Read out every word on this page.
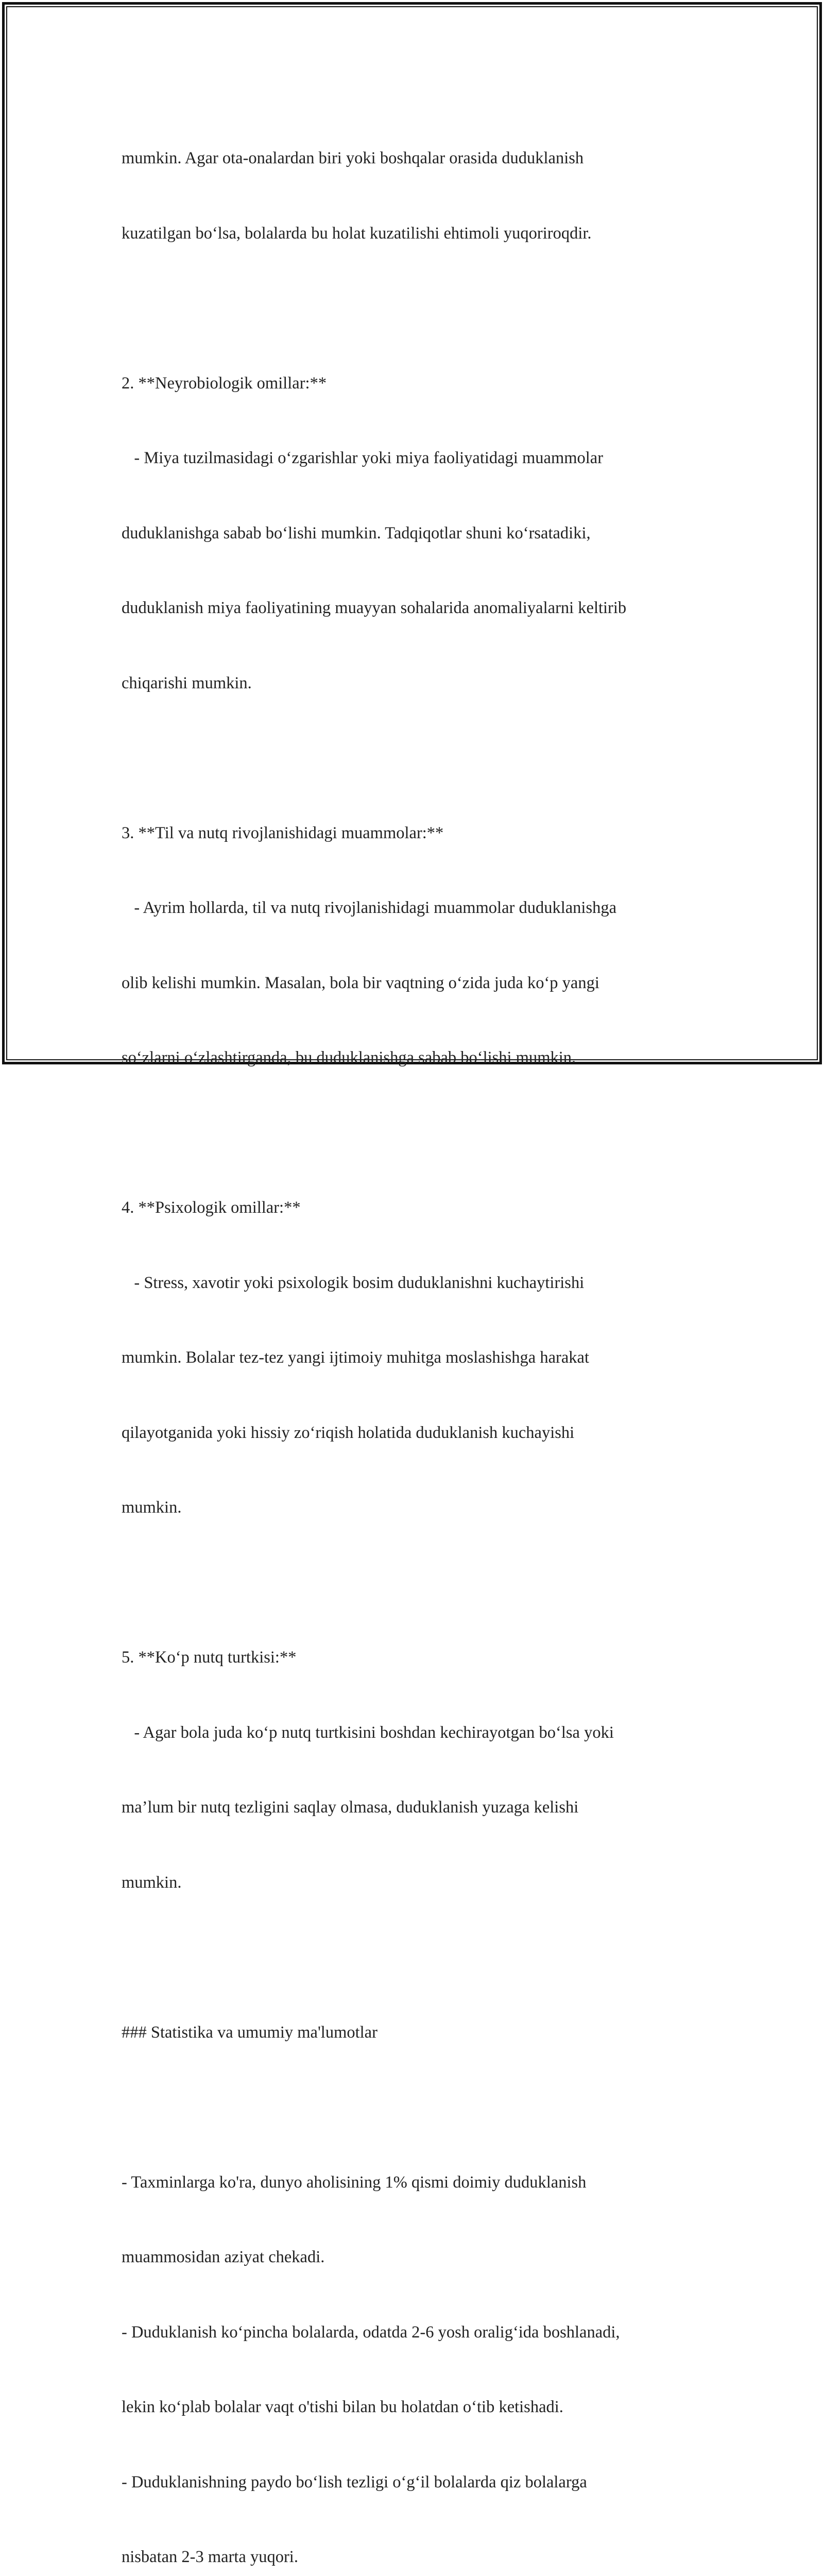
mumkin. Agar ota-onalardan biri yoki boshqalar orasida duduklanish

kuzatilgan bo‘lsa, bolalarda bu holat kuzatilishi ehtimoli yuqoriroqdir.

2. **Neyrobiologik omillar:**

- Miya tuzilmasidagi o‘zgarishlar yoki miya faoliyatidagi muammolar

duduklanishga sabab bo‘lishi mumkin. Tadqiqotlar shuni ko‘rsatadiki,

duduklanish miya faoliyatining muayyan sohalarida anomaliyalarni keltirib

chiqarishi mumkin.

3. **Til va nutq rivojlanishidagi muammolar:**

- Ayrim hollarda, til va nutq rivojlanishidagi muammolar duduklanishga

olib kelishi mumkin. Masalan, bola bir vaqtning o‘zida juda ko‘p yangi

so‘zlarni o‘zlashtirganda, bu duduklanishga sabab bo‘lishi mumkin.

4. **Psixologik omillar:**

- Stress, xavotir yoki psixologik bosim duduklanishni kuchaytirishi

mumkin. Bolalar tez-tez yangi ijtimoiy muhitga moslashishga harakat

qilayotganida yoki hissiy zo‘riqish holatida duduklanish kuchayishi

mumkin.

5. **Ko‘p nutq turtkisi:**

- Agar bola juda ko‘p nutq turtkisini boshdan kechirayotgan bo‘lsa yoki

ma’lum bir nutq tezligini saqlay olmasa, duduklanish yuzaga kelishi

mumkin.

### Statistika va umumiy ma'lumotlar

- Taxminlarga ko'ra, dunyo aholisining 1% qismi doimiy duduklanish

muammosidan aziyat chekadi.

- Duduklanish ko‘pincha bolalarda, odatda 2-6 yosh oralig‘ida boshlanadi,

lekin ko‘plab bolalar vaqt o'tishi bilan bu holatdan o‘tib ketishadi.

- Duduklanishning paydo bo‘lish tezligi o‘g‘il bolalarda qiz bolalarga

nisbatan 2-3 marta yuqori.
